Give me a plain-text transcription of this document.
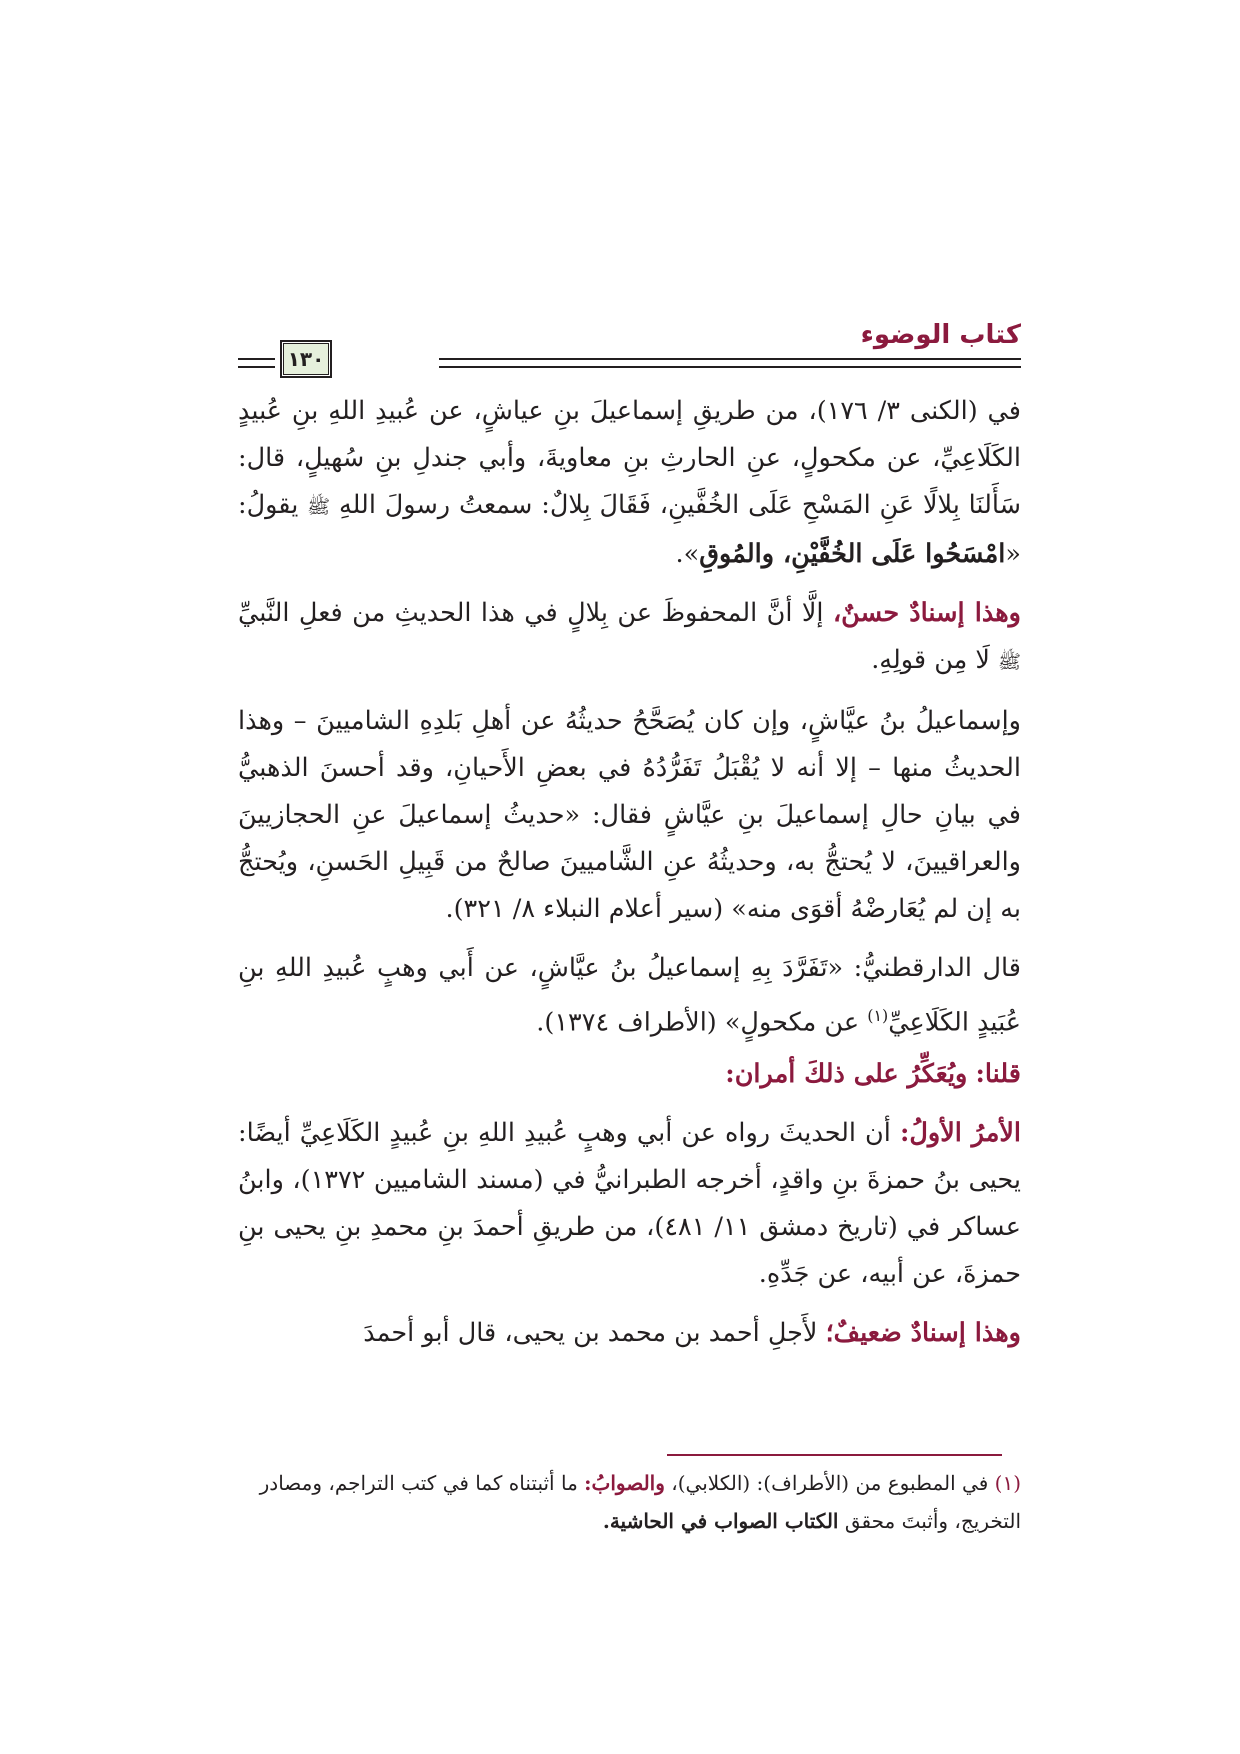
كتاب الوضوء
١٣٠

في (الكنى ٣/ ١٧٦)، من طريقِ إسماعيلَ بنِ عياشٍ، عن عُبيدِ اللهِ بنِ عُبيدٍ الكَلَاعِيِّ، عن مكحولٍ، عنِ الحارثِ بنِ معاويةَ، وأبي جندلِ بنِ سُهيلٍ، قال: سَأَلنَا بِلالًا عَنِ المَسْحِ عَلَى الخُفَّينِ، فَقَالَ بِلالٌ: سمعتُ رسولَ اللهِ ﷺ يقولُ: «امْسَحُوا عَلَى الخُفَّيْنِ، والمُوقِ».

وهذا إسنادٌ حسنٌ، إلَّا أنَّ المحفوظَ عن بِلالٍ في هذا الحديثِ من فعلِ النَّبيِّ ﷺ لَا مِن قولِهِ.

وإسماعيلُ بنُ عيَّاشٍ، وإن كان يُصَحَّحُ حديثُهُ عن أهلِ بَلدِهِ الشاميينَ – وهذا الحديثُ منها – إلا أنه لا يُقْبَلُ تَفَرُّدُهُ في بعضِ الأَحيانِ، وقد أحسنَ الذهبيُّ في بيانِ حالِ إسماعيلَ بنِ عيَّاشٍ فقال: «حديثُ إسماعيلَ عنِ الحجازيينَ والعراقيينَ، لا يُحتجُّ به، وحديثُهُ عنِ الشَّاميينَ صالحٌ من قَبِيلِ الحَسنِ، ويُحتجُّ به إن لم يُعَارضْهُ أقوَى منه» (سير أعلام النبلاء ٨/ ٣٢١).

قال الدارقطنيُّ: «تَفَرَّدَ بِهِ إسماعيلُ بنُ عيَّاشٍ، عن أَبي وهبٍ عُبيدِ اللهِ بنِ عُبَيدٍ الكَلَاعِيِّ$^{(١)}$ عن مكحولٍ» (الأطراف ١٣٧٤).

قلنا: ويُعَكِّرُ على ذلكَ أمران:

الأمرُ الأولُ: أن الحديثَ رواه عن أبي وهبٍ عُبيدِ اللهِ بنِ عُبيدٍ الكَلَاعِيِّ أيضًا: يحيى بنُ حمزةَ بنِ واقدٍ، أخرجه الطبرانيُّ في (مسند الشاميين ١٣٧٢)، وابنُ عساكر في (تاريخ دمشق ١١/ ٤٨١)، من طريقِ أحمدَ بنِ محمدِ بنِ يحيى بنِ حمزةَ، عن أبيه، عن جَدِّهِ.

وهذا إسنادٌ ضعيفٌ؛ لأَجلِ أحمد بن محمد بن يحيى، قال أبو أحمدَ

(١) في المطبوع من (الأطراف): (الكلابي)، والصوابُ: ما أثبتناه كما في كتب التراجم، ومصادر التخريج، وأثبتَ محقق الكتاب الصواب في الحاشية.
